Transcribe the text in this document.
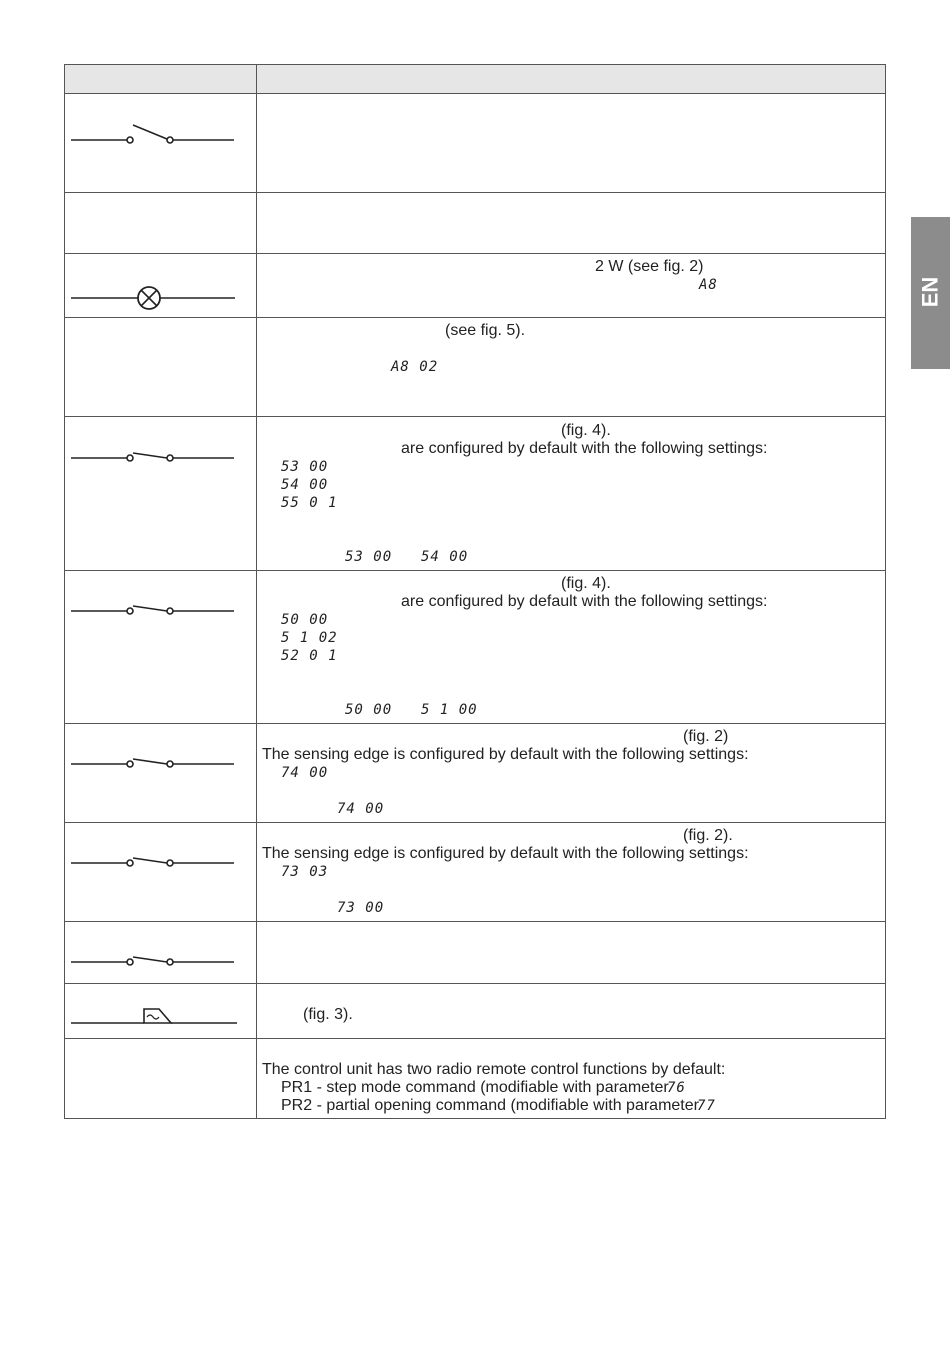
EN
2 W (see fig. 2)
A8
(see fig. 5).
A8 02
(fig. 4).
are configured by default with the following settings:
53 00
54 00
55 0 1
53 00 54 00
(fig. 4).
are configured by default with the following settings:
50 00
5 1 02
52 0 1
50 00 5 1 00
(fig. 2)
The sensing edge is configured by default with the following settings:
74 00
74 00
(fig. 2).
The sensing edge is configured by default with the following settings:
73 03
73 00
(fig. 3).
The control unit has two radio remote control functions by default:
PR1 - step mode command (modifiable with parameter
76
PR2 - partial opening command (modifiable with parameter
77
